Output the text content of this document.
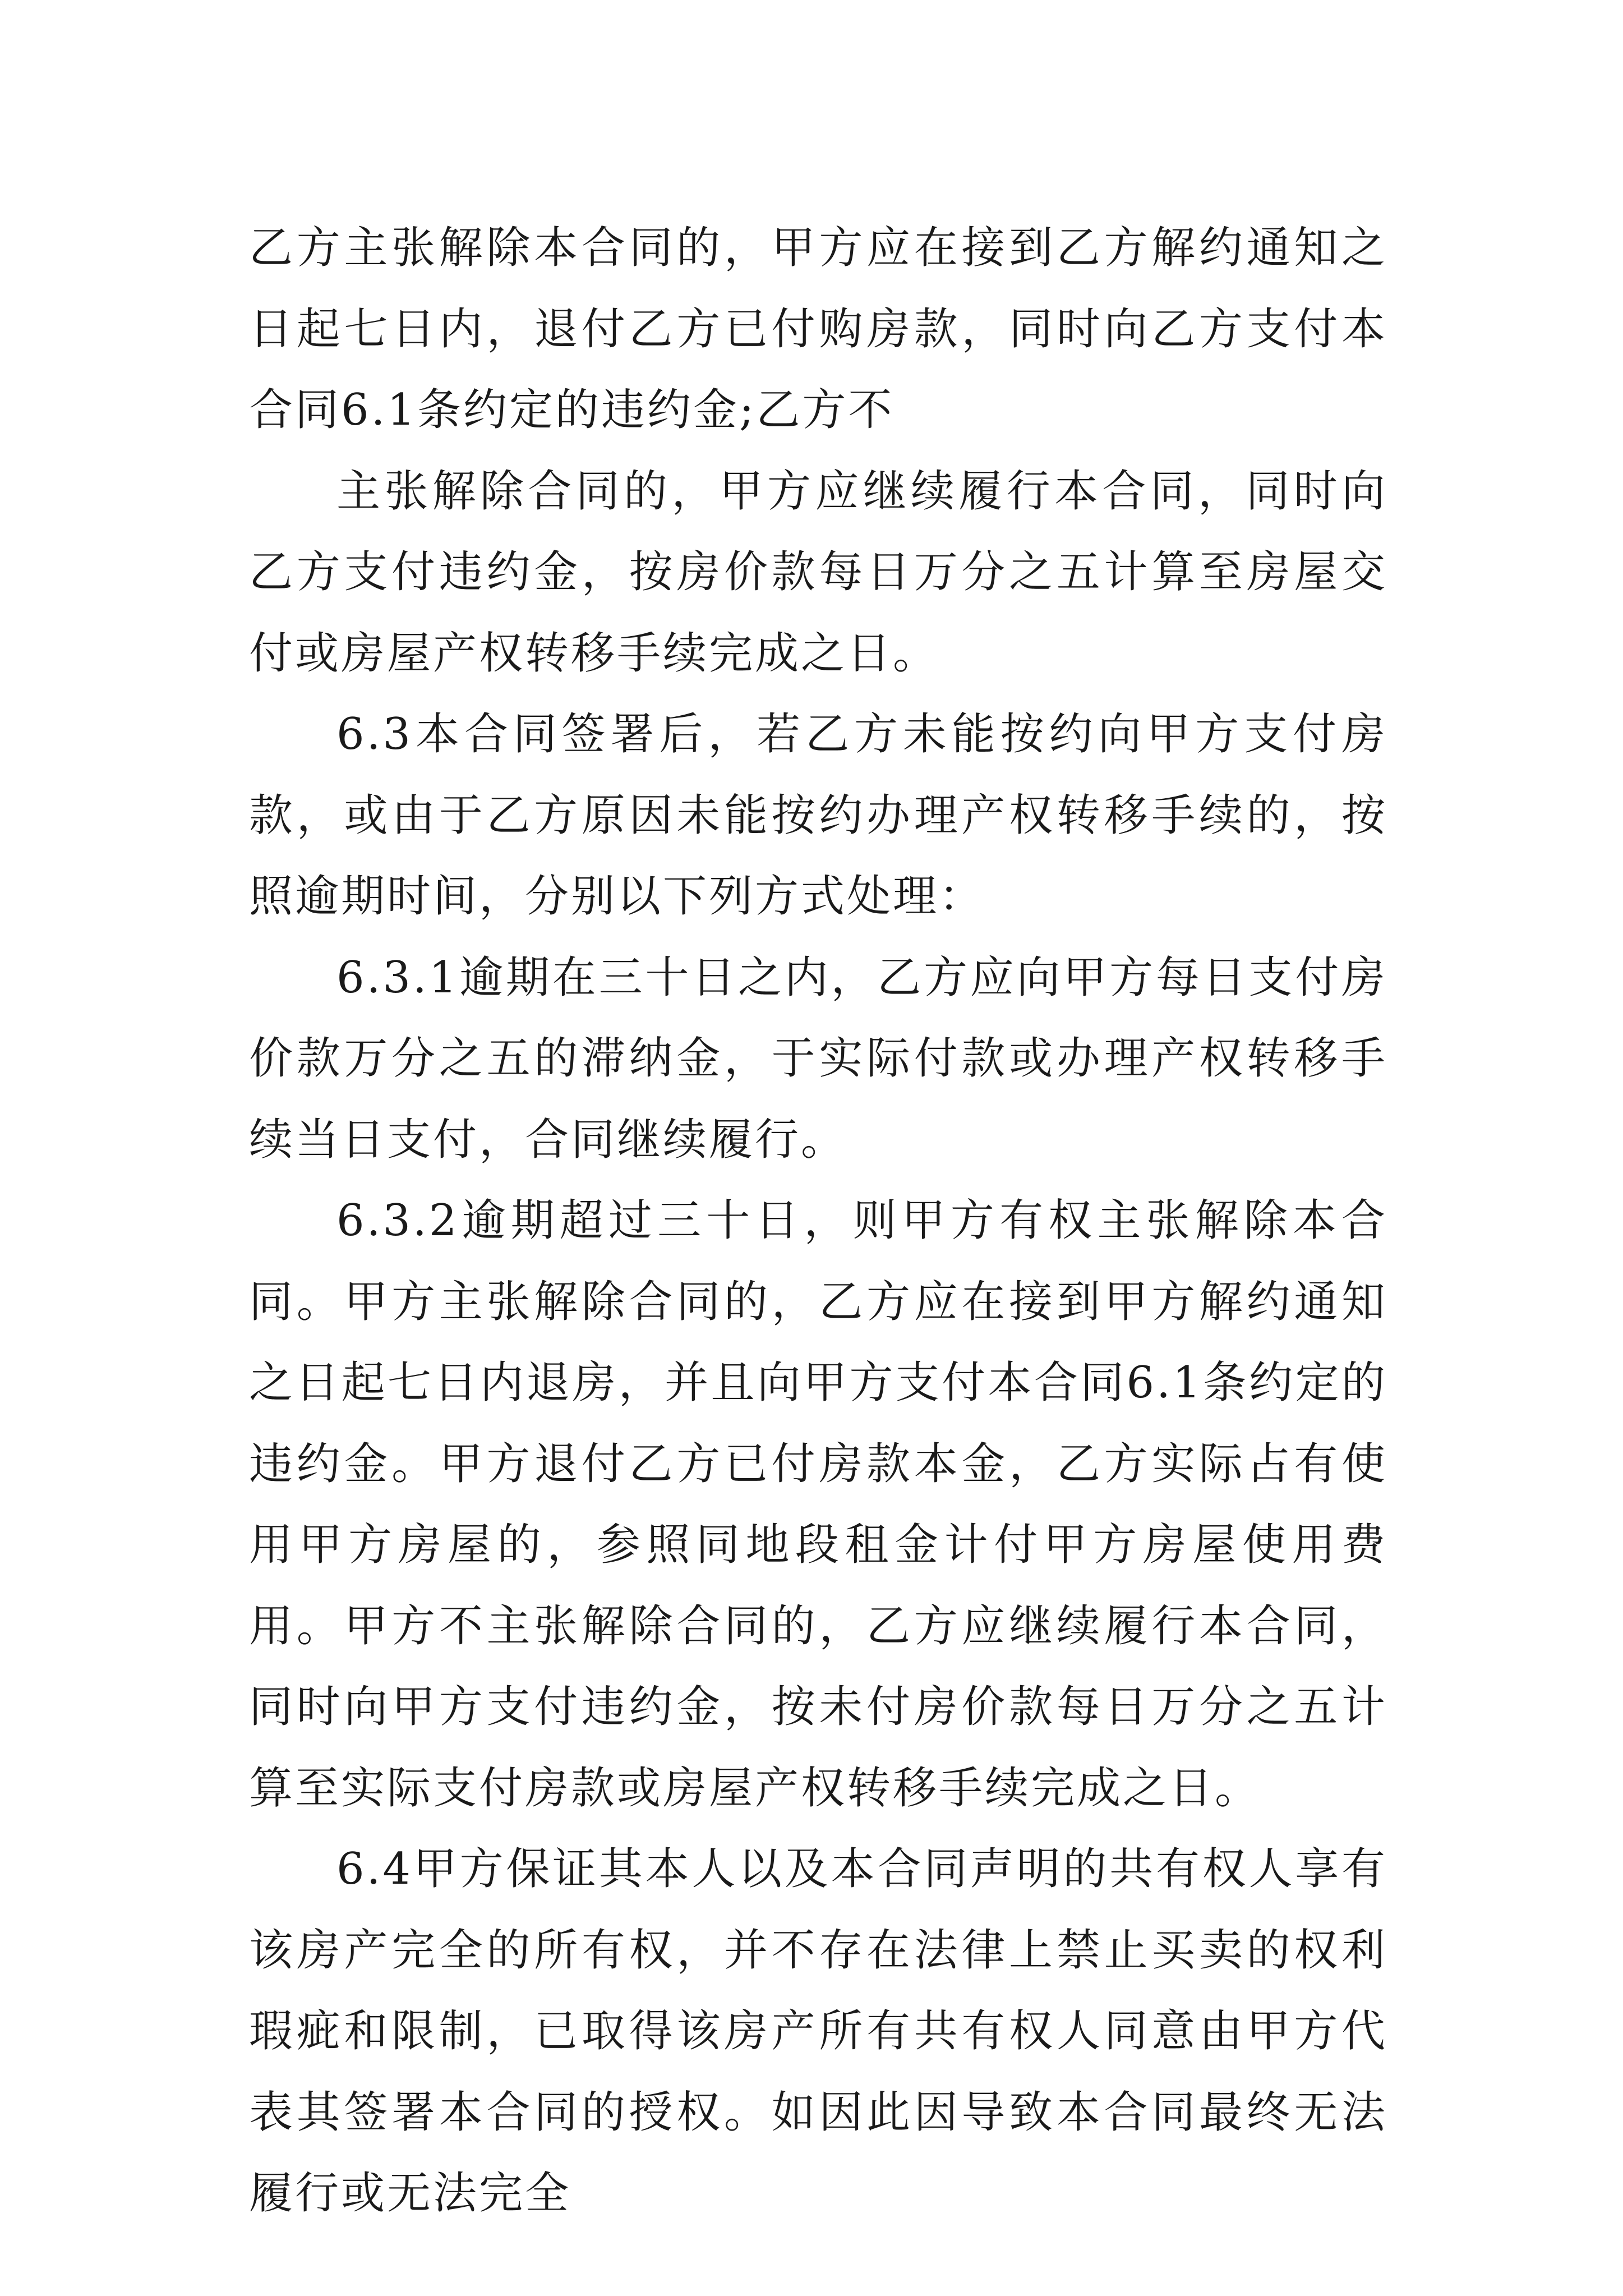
乙方主张解除本合同的，甲方应在接到乙方解约通知之日起七日内，退付乙方已付购房款，同时向乙方支付本合同6.1条约定的违约金;乙方不

主张解除合同的，甲方应继续履行本合同，同时向乙方支付违约金，按房价款每日万分之五计算至房屋交付或房屋产权转移手续完成之日。

6.3本合同签署后，若乙方未能按约向甲方支付房款，或由于乙方原因未能按约办理产权转移手续的，按照逾期时间，分别以下列方式处理：

6.3.1逾期在三十日之内，乙方应向甲方每日支付房价款万分之五的滞纳金，于实际付款或办理产权转移手续当日支付，合同继续履行。

6.3.2逾期超过三十日，则甲方有权主张解除本合同。甲方主张解除合同的，乙方应在接到甲方解约通知之日起七日内退房，并且向甲方支付本合同6.1条约定的违约金。甲方退付乙方已付房款本金，乙方实际占有使用甲方房屋的，参照同地段租金计付甲方房屋使用费用。甲方不主张解除合同的，乙方应继续履行本合同，同时向甲方支付违约金，按未付房价款每日万分之五计算至实际支付房款或房屋产权转移手续完成之日。

6.4甲方保证其本人以及本合同声明的共有权人享有该房产完全的所有权，并不存在法律上禁止买卖的权利瑕疵和限制，已取得该房产所有共有权人同意由甲方代表其签署本合同的授权。如因此因导致本合同最终无法履行或无法完全
